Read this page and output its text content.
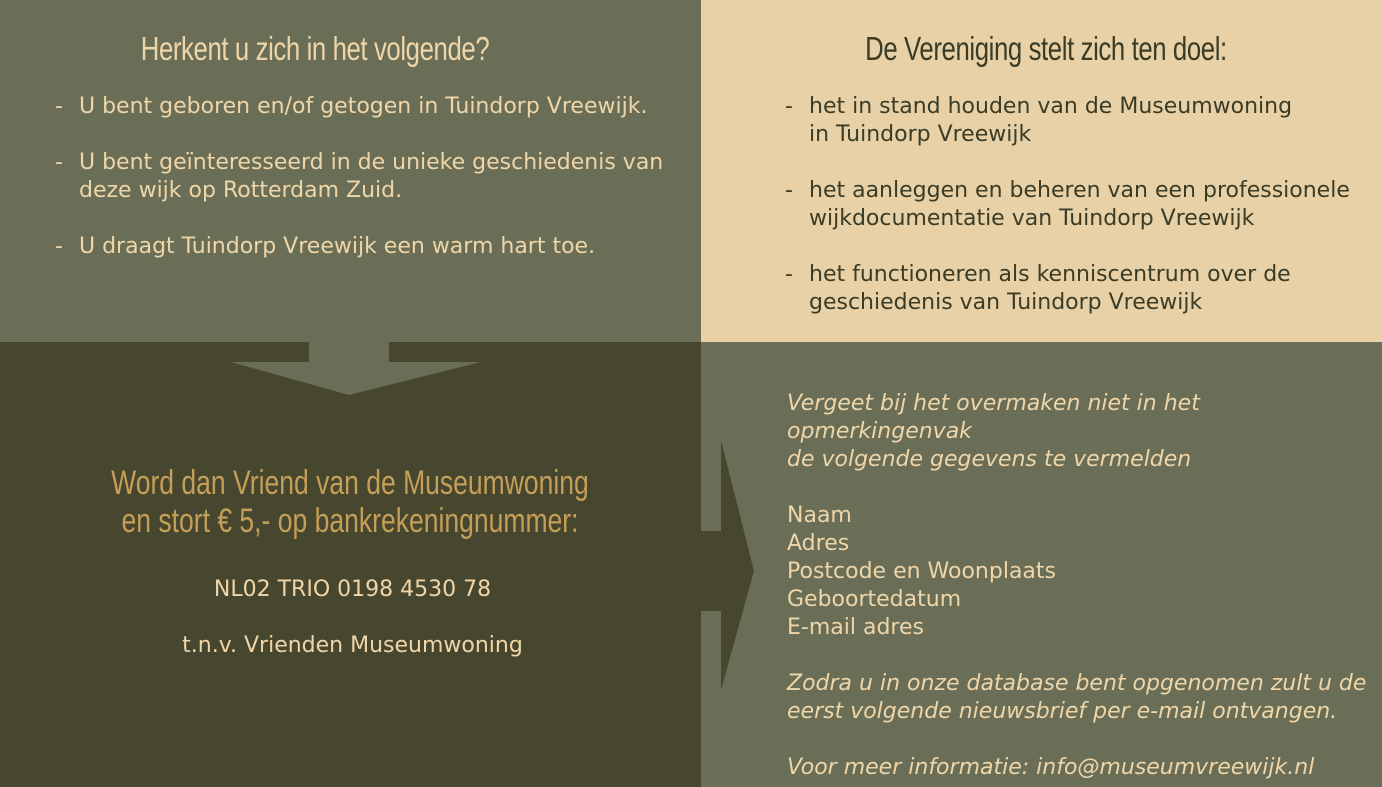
Herkent u zich in het volgende?
- U bent geboren en/of getogen in Tuindorp Vreewijk.
- U bent geïnteresseerd in de unieke geschiedenis van deze wijk op Rotterdam Zuid.
- U draagt Tuindorp Vreewijk een warm hart toe.
De Vereniging stelt zich ten doel:
- het in stand houden van de Museumwoning
in Tuindorp Vreewijk
- het aanleggen en beheren van een professionele
wijkdocumentatie van Tuindorp Vreewijk
- het functioneren als kenniscentrum over de
geschiedenis van Tuindorp Vreewijk
Word dan Vriend van de Museumwoning
en stort € 5,- op bankrekeningnummer:
NL02 TRIO 0198 4530 78
t.n.v. Vrienden Museumwoning
Vergeet bij het overmaken niet in het opmerkingenvak
de volgende gegevens te vermelden
Naam
Adres
Postcode en Woonplaats
Geboortedatum
E-mail adres
Zodra u in onze database bent opgenomen zult u de
eerst volgende nieuwsbrief per e-mail ontvangen.
Voor meer informatie: info@museumvreewijk.nl
